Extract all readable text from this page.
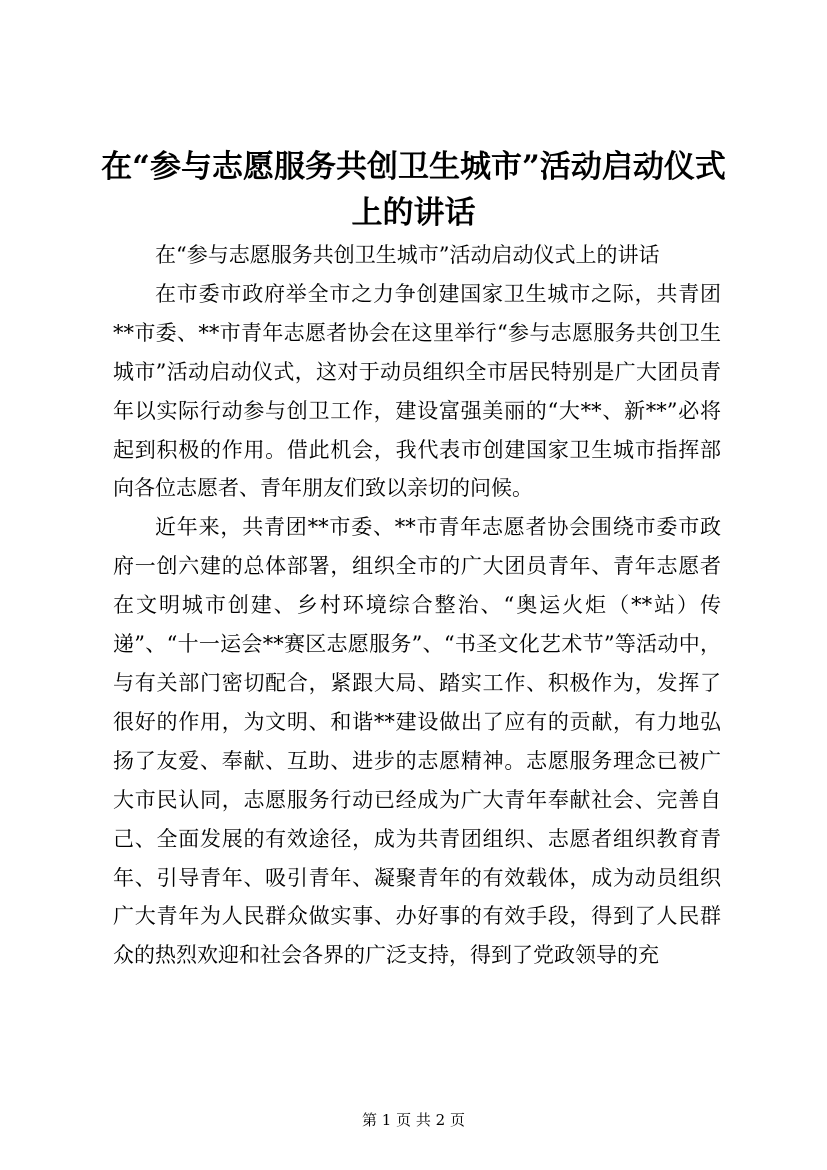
在“参与志愿服务共创卫生城市”活动启动仪式上的讲话

在“参与志愿服务共创卫生城市”活动启动仪式上的讲话

在市委市政府举全市之力争创建国家卫生城市之际，共青团**市委、**市青年志愿者协会在这里举行“参与志愿服务共创卫生城市”活动启动仪式，这对于动员组织全市居民特别是广大团员青年以实际行动参与创卫工作，建设富强美丽的“大**、新**”必将起到积极的作用。借此机会，我代表市创建国家卫生城市指挥部向各位志愿者、青年朋友们致以亲切的问候。

近年来，共青团**市委、**市青年志愿者协会围绕市委市政府一创六建的总体部署，组织全市的广大团员青年、青年志愿者在文明城市创建、乡村环境综合整治、“奥运火炬（**站）传递”、“十一运会**赛区志愿服务”、“书圣文化艺术节”等活动中，与有关部门密切配合，紧跟大局、踏实工作、积极作为，发挥了很好的作用，为文明、和谐**建设做出了应有的贡献，有力地弘扬了友爱、奉献、互助、进步的志愿精神。志愿服务理念已被广大市民认同，志愿服务行动已经成为广大青年奉献社会、完善自己、全面发展的有效途径，成为共青团组织、志愿者组织教育青年、引导青年、吸引青年、凝聚青年的有效载体，成为动员组织广大青年为人民群众做实事、办好事的有效手段，得到了人民群众的热烈欢迎和社会各界的广泛支持，得到了党政领导的充

第 1 页 共 2 页
